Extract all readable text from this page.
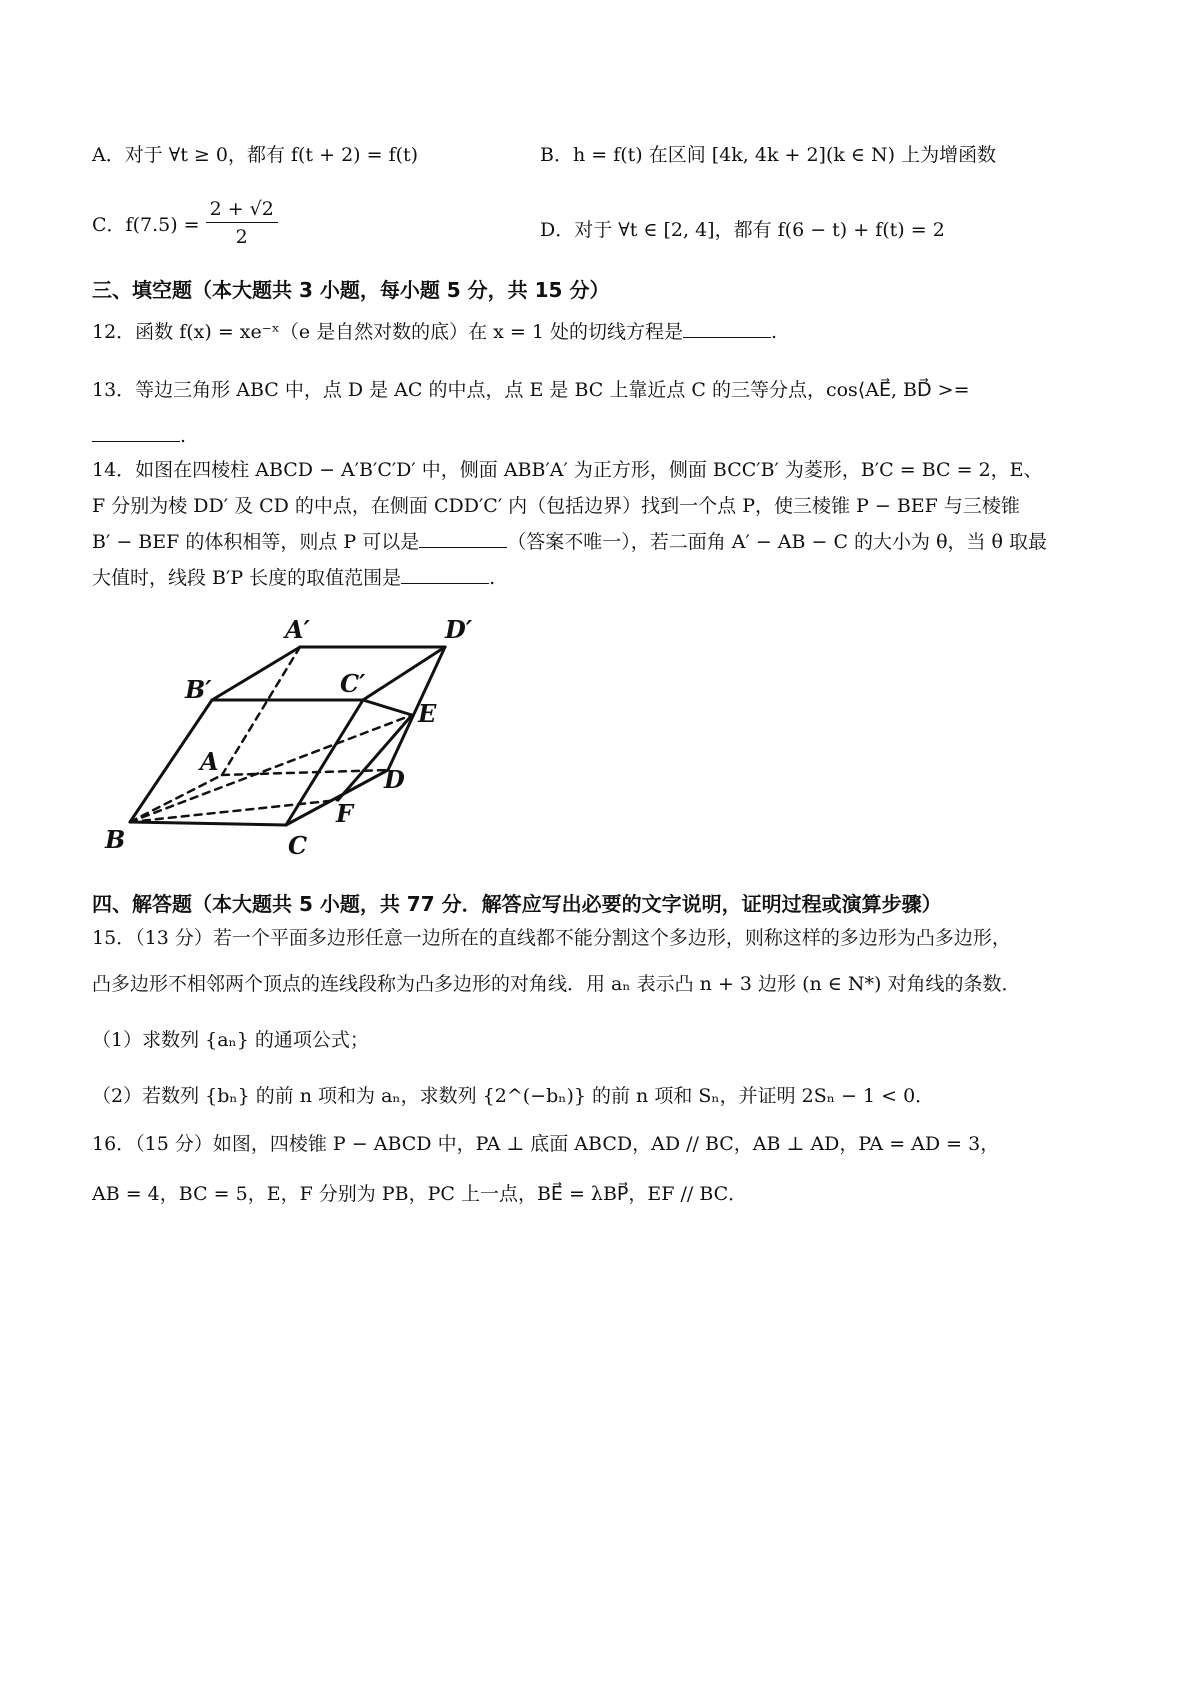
A．对于 ∀t ≥ 0，都有 f(t + 2) = f(t)	B．h = f(t) 在区间 [4k, 4k + 2](k ∈ N) 上为增函数
C．$f(7.5) = \frac{2 + √2}{2}$	D．对于 ∀t ∈ [2, 4]，都有 f(6 − t) + f(t) = 2
三、填空题（本大题共 3 小题，每小题 5 分，共 15 分）
12．函数 f(x) = xe⁻ˣ（e 是自然对数的底）在 x = 1 处的切线方程是	.
13．等边三角形 ABC 中，点 D 是 AC 的中点，点 E 是 BC 上靠近点 C 的三等分点，cos⟨AE⃗, BD⃗ >=
.
14．如图在四棱柱 ABCD − A′B′C′D′ 中，侧面 ABB′A′ 为正方形，侧面 BCC′B′ 为菱形，B′C = BC = 2，E、
F 分别为棱 DD′ 及 CD 的中点，在侧面 CDD′C′ 内（包括边界）找到一个点 P，使三棱锥 P − BEF 与三棱锥
B′ − BEF 的体积相等，则点 P 可以是	（答案不唯一），若二面角 A′ − AB − C 的大小为 θ，当 θ 取最
大值时，线段 B′P 长度的取值范围是	.
A′	D′
B′	C′
E
A
D
F
B	C
四、解答题（本大题共 5 小题，共 77 分．解答应写出必要的文字说明，证明过程或演算步骤）
15．（13 分）若一个平面多边形任意一边所在的直线都不能分割这个多边形，则称这样的多边形为凸多边形，
凸多边形不相邻两个顶点的连线段称为凸多边形的对角线．用 aₙ 表示凸 n + 3 边形 (n ∈ N*) 对角线的条数．
（1）求数列 {aₙ} 的通项公式；
（2）若数列 {bₙ} 的前 n 项和为 aₙ，求数列 {2^(−bₙ)} 的前 n 项和 Sₙ，并证明 2Sₙ − 1 < 0．
16．（15 分）如图，四棱锥 P − ABCD 中，PA ⊥ 底面 ABCD，AD // BC，AB ⊥ AD，PA = AD = 3，
AB = 4，BC = 5，E，F 分别为 PB，PC 上一点，BE⃗ = λBP⃗，EF // BC．
